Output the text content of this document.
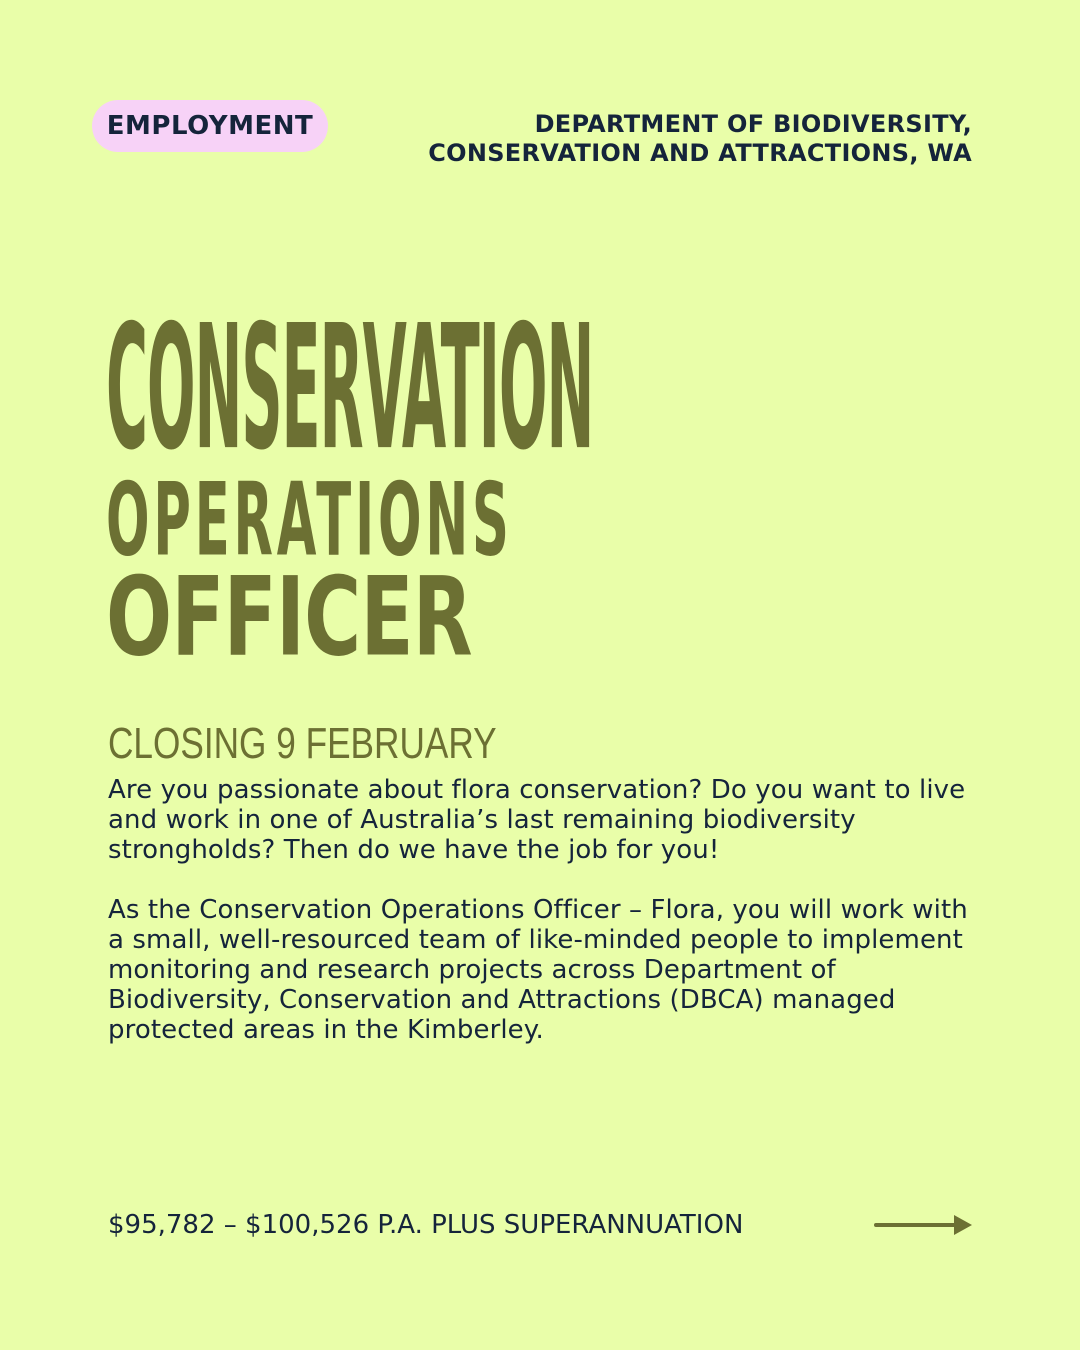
EMPLOYMENT	DEPARTMENT OF BIODIVERSITY,
CONSERVATION AND ATTRACTIONS, WA
CONSERVATION
OPERATIONS
OFFICER
CLOSING 9 FEBRUARY
Are you passionate about flora conservation? Do you want to live and work in one of Australia’s last remaining biodiversity strongholds? Then do we have the job for you!
As the Conservation Operations Officer – Flora, you will work with a small, well-resourced team of like-minded people to implement monitoring and research projects across Department of Biodiversity, Conservation and Attractions (DBCA) managed protected areas in the Kimberley.
$95,782 – $100,526 P.A. PLUS SUPERANNUATION
